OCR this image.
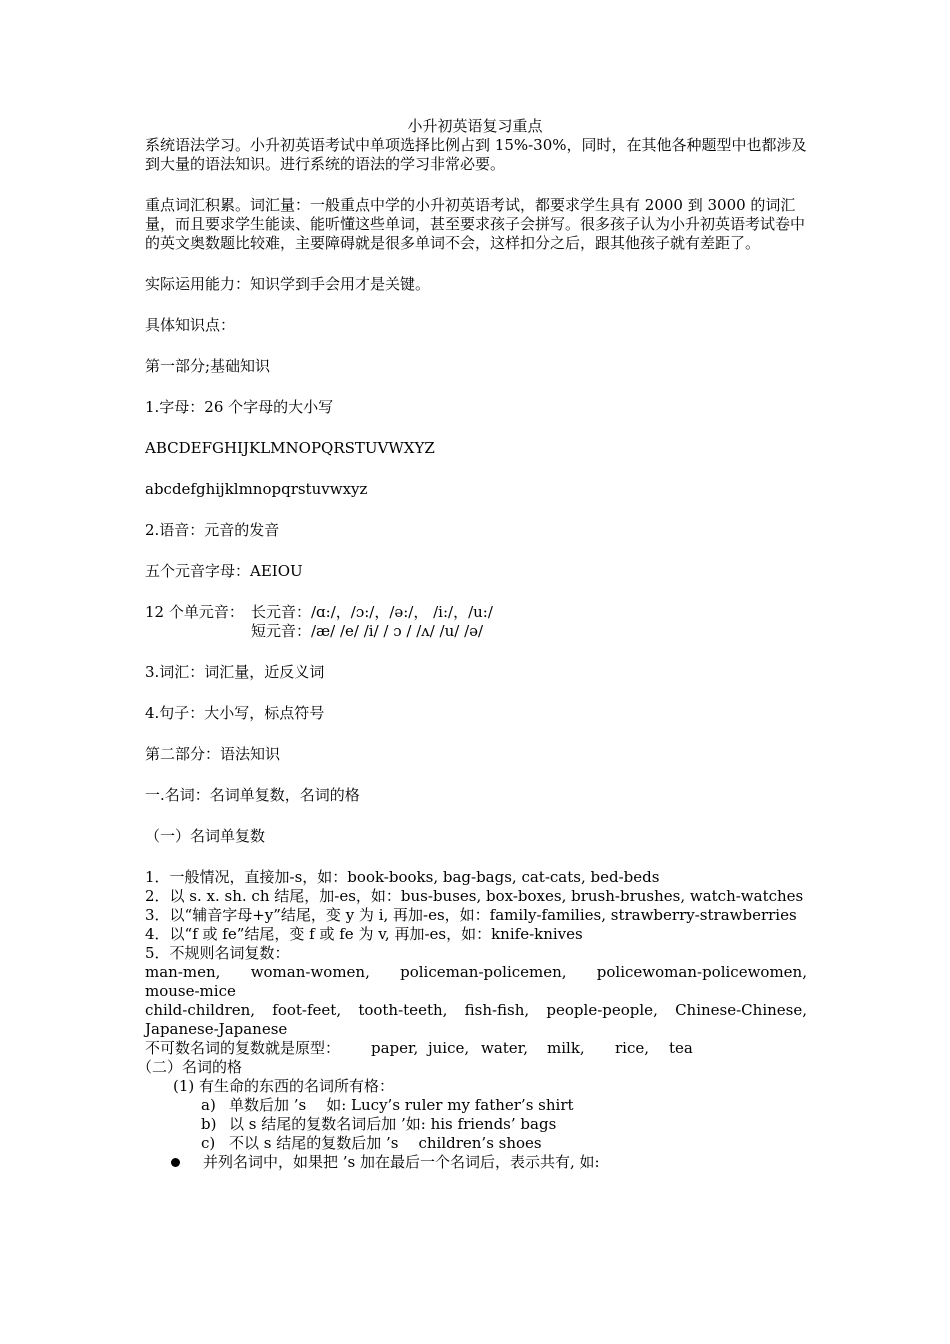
小升初英语复习重点

系统语法学习。小升初英语考试中单项选择比例占到 15%-30%，同时，在其他各种题型中也都涉及到大量的语法知识。进行系统的语法的学习非常必要。

重点词汇积累。词汇量：一般重点中学的小升初英语考试，都要求学生具有 2000 到 3000 的词汇量，而且要求学生能读、能听懂这些单词，甚至要求孩子会拼写。很多孩子认为小升初英语考试卷中的英文奥数题比较难，主要障碍就是很多单词不会，这样扣分之后，跟其他孩子就有差距了。

实际运用能力：知识学到手会用才是关键。

具体知识点：

第一部分;基础知识

1.字母：26 个字母的大小写

ABCDEFGHIJKLMNOPQRSTUVWXYZ

abcdefghijklmnopqrstuvwxyz

2.语音：元音的发音

五个元音字母：AEIOU

12 个单元音： 长元音：/ɑ:/，/ɔ:/，/ə:/， /i:/，/u:/
短元音：/æ/ /e/ /i/ / ɔ / /ʌ/ /u/ /ə/

3.词汇：词汇量，近反义词

4.句子：大小写，标点符号

第二部分：语法知识

一.名词：名词单复数，名词的格

（一）名词单复数

1．一般情况，直接加-s，如：book-books, bag-bags, cat-cats, bed-beds

2．以 s. x. sh. ch 结尾，加-es，如：bus-buses, box-boxes, brush-brushes, watch-watches

3．以“辅音字母+y”结尾，变 y 为 i, 再加-es，如：family-families, strawberry-strawberries

4．以“f 或 fe”结尾，变 f 或 fe 为 v, 再加-es，如：knife-knives

5．不规则名词复数：

man-men, woman-women, policeman-policemen, policewoman-policewomen,

mouse-mice

child-children, foot-feet, tooth-teeth, fish-fish, people-people, Chinese-Chinese,

Japanese-Japanese

不可数名词的复数就是原型：	paper, juice, water,	milk,	rice,	tea

（二）名词的格

(1) 有生命的东西的名词所有格：

a) 单数后加 ’s 如: Lucy’s ruler my father’s shirt
b) 以 s 结尾的复数名词后加 ’如: his friends’ bags
c) 不以 s 结尾的复数后加 ’s children’s shoes
并列名词中，如果把 ’s 加在最后一个名词后，表示共有, 如:
